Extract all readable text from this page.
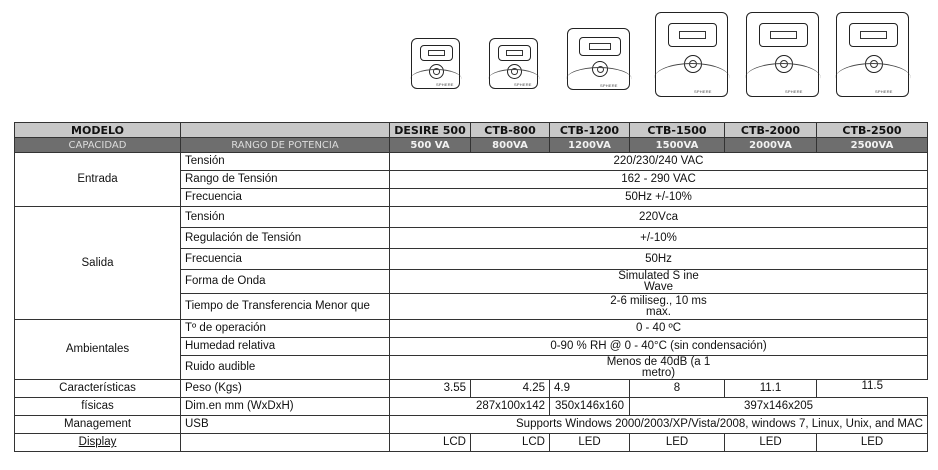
SPHERE	SPHERE	SPHERE
SPHERE	SPHERE	SPHERE
MODELO		DESIRE 500	CTB-800	CTB-1200	CTB-1500	CTB-2000	CTB-2500
CAPACIDAD	RANGO DE POTENCIA	500 VA	800VA	1200VA	1500VA	2000VA	2500VA
Entrada	Tensión	220/230/240 VAC					
	Rango de Tensión	162 - 290 VAC					
	Frecuencia	50Hz +/-10%					
Salida	Tensión	220Vca					
	Regulación de Tensión	+/-10%					
	Frecuencia	50Hz					
	Forma de Onda	Simulated S ine
Wave					

	Tiempo de Transferencia Menor que	2-6 miliseg., 10 ms
max.					

Ambientales	Tº de operación	0 - 40 ºC					
	Humedad relativa	0-90 % RH @ 0 - 40°C (sin condensación)					
	Ruido audible	Menos de 40dB (a 1
metro)					

Características	Peso (Kgs)	3.55	4.25	4.9	8	11.1	11.5
físicas	Dim.en mm (WxDxH)	287x100x142		350x146x160	397x146x205		
Management	USB	Supports Windows 2000/2003/XP/Vista/2008, windows 7, Linux, Unix, and MAC					
Display		LCD	LCD	LED	LED	LED	LED
